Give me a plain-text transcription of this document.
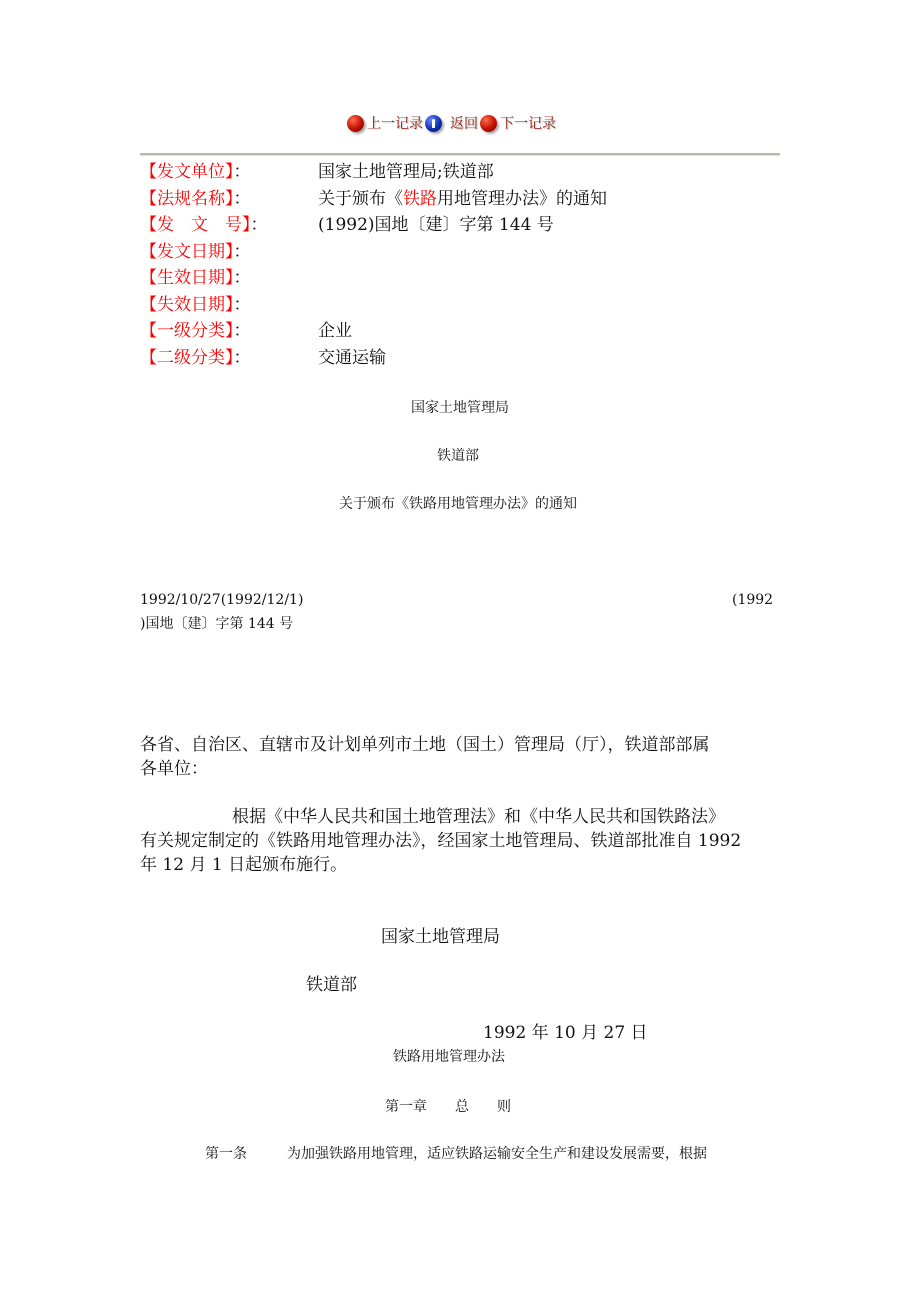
上一记录 返回 下一记录
【发文单位】：	国家土地管理局;铁道部
【法规名称】：	关于颁布《铁路用地管理办法》的通知
【发　文　号】：	(1992)国地〔建〕字第 144 号
【发文日期】：
【生效日期】：
【失效日期】：
【一级分类】：	企业
【二级分类】：	交通运输
国家土地管理局
铁道部
关于颁布《铁路用地管理办法》的通知
1992/10/27(1992/12/1)	(1992
)国地〔建〕字第 144 号
各省、自治区、直辖市及计划单列市土地（国土）管理局（厅），铁道部部属
各单位：
根据《中华人民共和国土地管理法》和《中华人民共和国铁路法》
有关规定制定的《铁路用地管理办法》，经国家土地管理局、铁道部批准自 1992
年 12 月 1 日起颁布施行。
国家土地管理局
铁道部
1992 年 10 月 27 日
铁路用地管理办法
第一章　　总　　则
第一条	为加强铁路用地管理，适应铁路运输安全生产和建设发展需要，根据
